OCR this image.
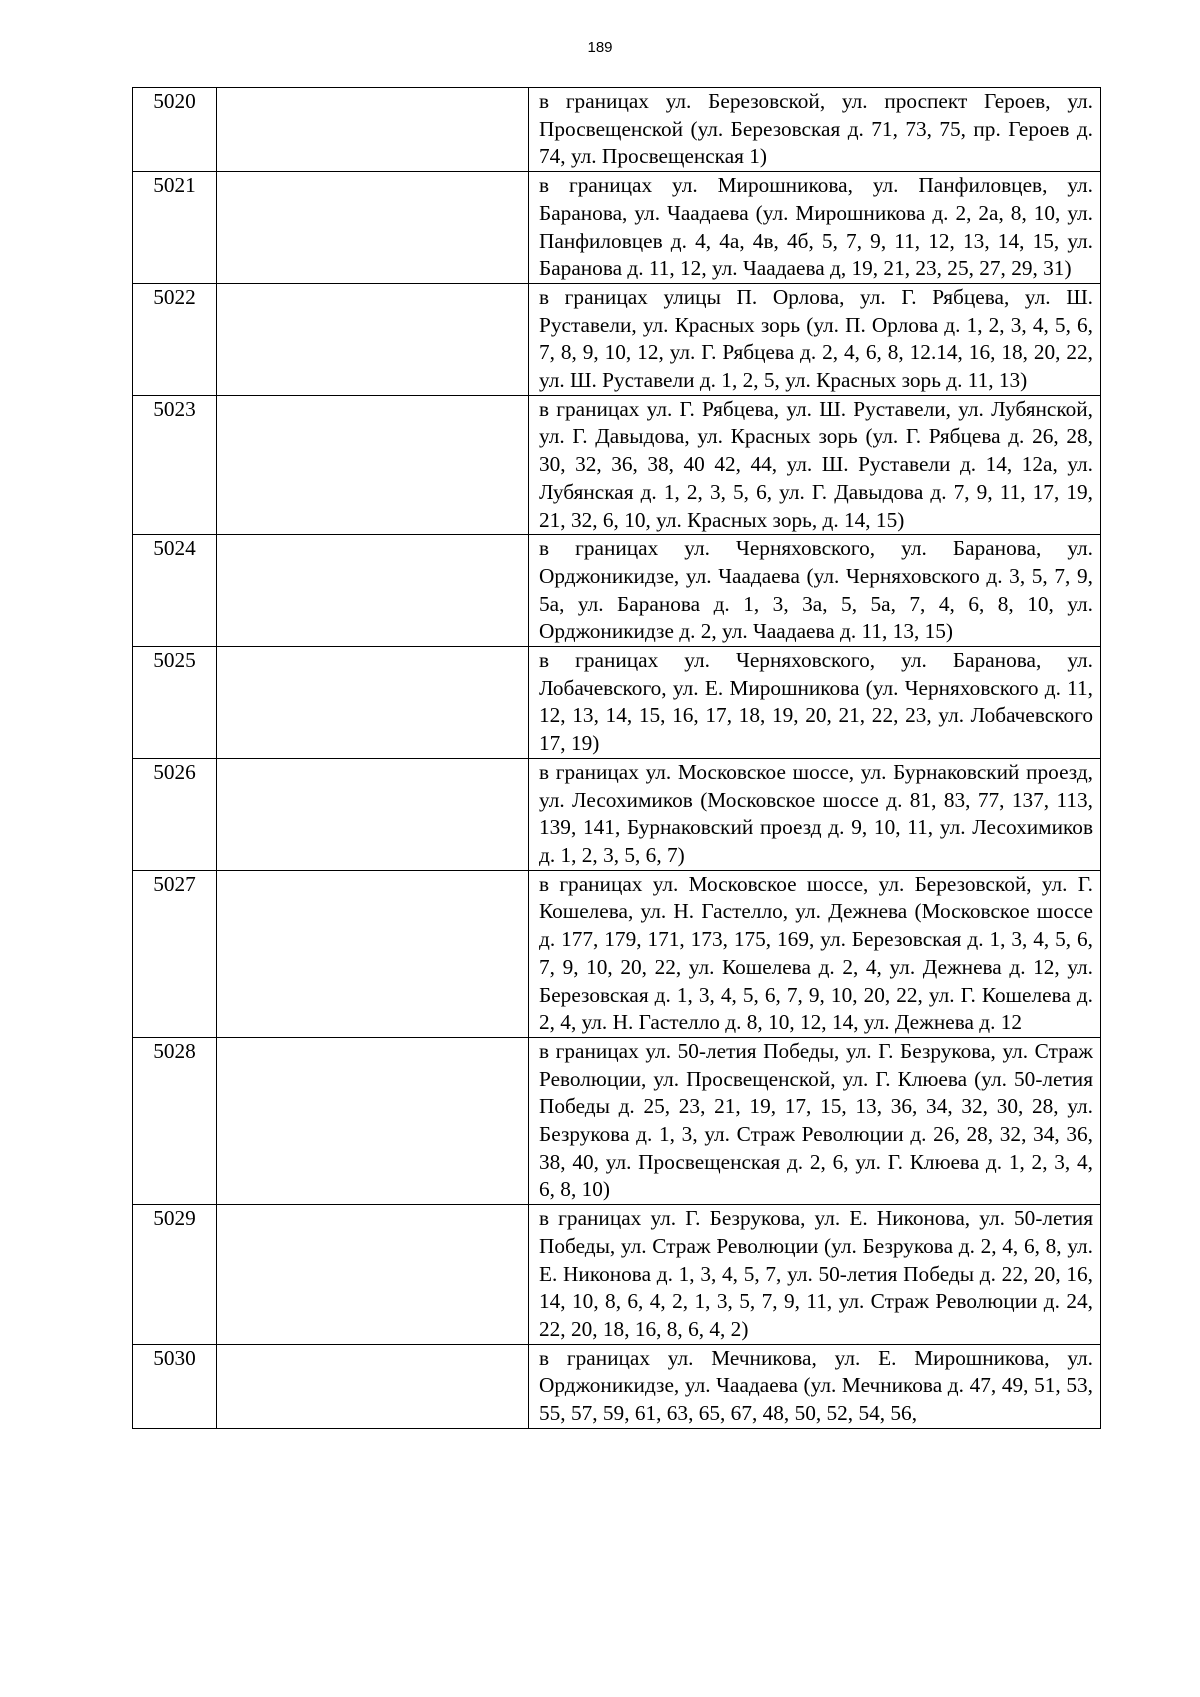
189
5020		в границах ул. Березовской, ул. проспект Героев, ул. Просвещенской (ул. Березовская д. 71, 73, 75, пр. Героев д. 74, ул. Просвещенская 1)
5021		в границах ул. Мирошникова, ул. Панфиловцев, ул. Баранова, ул. Чаадаева (ул. Мирошникова д. 2, 2а, 8, 10, ул. Панфиловцев д. 4, 4а, 4в, 4б, 5, 7, 9, 11, 12, 13, 14, 15, ул. Баранова д. 11, 12, ул. Чаадаева д, 19, 21, 23, 25, 27, 29, 31)
5022		в границах улицы П. Орлова, ул. Г. Рябцева, ул. Ш. Руставели, ул. Красных зорь (ул. П. Орлова д. 1, 2, 3, 4, 5, 6, 7, 8, 9, 10, 12, ул. Г. Рябцева д. 2, 4, 6, 8, 12.14, 16, 18, 20, 22, ул. Ш. Руставели д. 1, 2, 5, ул. Красных зорь д. 11, 13)
5023		в границах ул. Г. Рябцева, ул. Ш. Руставели, ул. Лубянской, ул. Г. Давыдова, ул. Красных зорь (ул. Г. Рябцева д. 26, 28, 30, 32, 36, 38, 40 42, 44, ул. Ш. Руставели д. 14, 12а, ул. Лубянская д. 1, 2, 3, 5, 6, ул. Г. Давыдова д. 7, 9, 11, 17, 19, 21, 32, 6, 10, ул. Красных зорь, д. 14, 15)
5024		в границах ул. Черняховского, ул. Баранова, ул. Орджоникидзе, ул. Чаадаева (ул. Черняховского д. 3, 5, 7, 9, 5а, ул. Баранова д. 1, 3, 3а, 5, 5а, 7, 4, 6, 8, 10, ул. Орджоникидзе д. 2, ул. Чаадаева д. 11, 13, 15)
5025		в границах ул. Черняховского, ул. Баранова, ул. Лобачевского, ул. Е. Мирошникова (ул. Черняховского д. 11, 12, 13, 14, 15, 16, 17, 18, 19, 20, 21, 22, 23, ул. Лобачевского 17, 19)
5026		в границах ул. Московское шоссе, ул. Бурнаковский проезд, ул. Лесохимиков (Московское шоссе д. 81, 83, 77, 137, 113, 139, 141, Бурнаковский проезд д. 9, 10, 11, ул. Лесохимиков д. 1, 2, 3, 5, 6, 7)
5027		в границах ул. Московское шоссе, ул. Березовской, ул. Г. Кошелева, ул. Н. Гастелло, ул. Дежнева (Московское шоссе д. 177, 179, 171, 173, 175, 169, ул. Березовская д. 1, 3, 4, 5, 6, 7, 9, 10, 20, 22, ул. Кошелева д. 2, 4, ул. Дежнева д. 12, ул. Березовская д. 1, 3, 4, 5, 6, 7, 9, 10, 20, 22, ул. Г. Кошелева д. 2, 4, ул. Н. Гастелло д. 8, 10, 12, 14, ул. Дежнева д. 12
5028		в границах ул. 50-летия Победы, ул. Г. Безрукова, ул. Страж Революции, ул. Просвещенской, ул. Г. Клюева (ул. 50-летия Победы д. 25, 23, 21, 19, 17, 15, 13, 36, 34, 32, 30, 28, ул. Безрукова д. 1, 3, ул. Страж Революции д. 26, 28, 32, 34, 36, 38, 40, ул. Просвещенская д. 2, 6, ул. Г. Клюева д. 1, 2, 3, 4, 6, 8, 10)
5029		в границах ул. Г. Безрукова, ул. Е. Никонова, ул. 50-летия Победы, ул. Страж Революции (ул. Безрукова д. 2, 4, 6, 8, ул. Е. Никонова д. 1, 3, 4, 5, 7, ул. 50-летия Победы д. 22, 20, 16, 14, 10, 8, 6, 4, 2, 1, 3, 5, 7, 9, 11, ул. Страж Революции д. 24, 22, 20, 18, 16, 8, 6, 4, 2)
5030		в границах ул. Мечникова, ул. Е. Мирошникова, ул. Орджоникидзе, ул. Чаадаева (ул. Мечникова д. 47, 49, 51, 53, 55, 57, 59, 61, 63, 65, 67, 48, 50, 52, 54, 56,
